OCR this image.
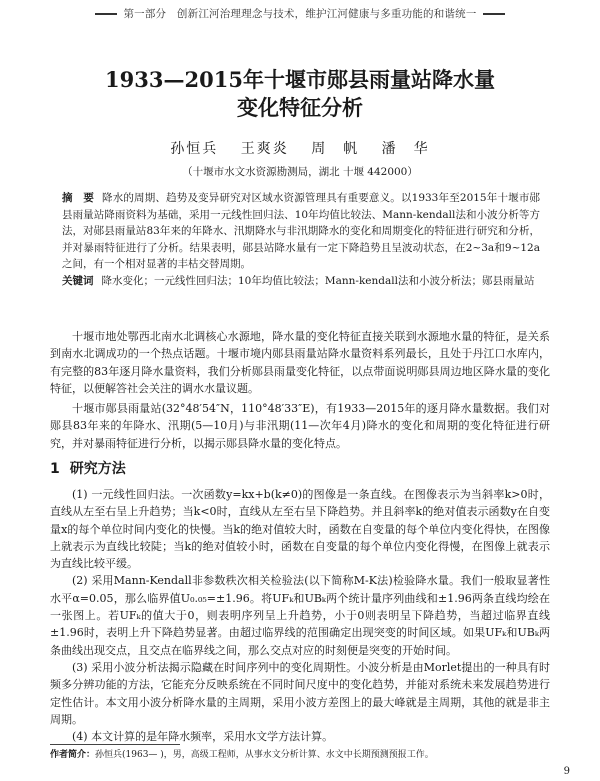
第一部分　创新江河治理理念与技术，维护江河健康与多重功能的和谐统一
1933—2015年十堰市郧县雨量站降水量
变化特征分析
孙恒兵 王爽炎 周　帆 潘　华
（十堰市水文水资源勘测局，湖北 十堰 442000）

摘　要 降水的周期、趋势及变异研究对区域水资源管理具有重要意义。以1933年至2015年十堰市郧县雨量站降雨资料为基础，采用一元线性回归法、10年均值比较法、Mann-kendall法和小波分析等方法，对郧县雨量站83年来的年降水、汛期降水与非汛期降水的变化和周期变化的特征进行研究和分析，并对暴雨特征进行了分析。结果表明，郧县站降水量有一定下降趋势且呈波动状态，在2~3a和9~12a之间，有一个相对显著的丰枯交替周期。

关键词 降水变化；一元线性回归法；10年均值比较法；Mann-kendall法和小波分析法；郧县雨量站

十堰市地处鄂西北南水北调核心水源地，降水量的变化特征直接关联到水源地水量的特征，是关系到南水北调成功的一个热点话题。十堰市境内郧县雨量站降水量资料系列最长，且处于丹江口水库内，有完整的83年逐月降水量资料，我们分析郧县雨量变化特征，以点带面说明郧县周边地区降水量的变化特征，以便解答社会关注的调水水量议题。

十堰市郧县雨量站(32°48′54″N，110°48′33″E)，有1933—2015年的逐月降水量数据。我们对郧县83年来的年降水、汛期(5—10月)与非汛期(11—次年4月)降水的变化和周期的变化特征进行研究，并对暴雨特征进行分析，以揭示郧县降水量的变化特点。

1 研究方法

(1) 一元线性回归法。一次函数y=kx+b(k≠0)的图像是一条直线。在图像表示为当斜率k>0时，直线从左至右呈上升趋势；当k<0时，直线从左至右呈下降趋势。并且斜率k的绝对值表示函数y在自变量x的每个单位时间内变化的快慢。当k的绝对值较大时，函数在自变量的每个单位内变化得快，在图像上就表示为直线比较陡；当k的绝对值较小时，函数在自变量的每个单位内变化得慢，在图像上就表示为直线比较平缓。

(2) 采用Mann-Kendall非参数秩次相关检验法(以下简称M-K法)检验降水量。我们一般取显著性水平α=0.05，那么临界值U₀.₀₅=±1.96。将UFₖ和UBₖ两个统计量序列曲线和±1.96两条直线均绘在一张图上。若UFₖ的值大于0，则表明序列呈上升趋势，小于0则表明呈下降趋势，当超过临界直线±1.96时，表明上升下降趋势显著。由超过临界线的范围确定出现突变的时间区域。如果UFₖ和UBₖ两条曲线出现交点，且交点在临界线之间，那么交点对应的时刻便是突变的开始时间。

(3) 采用小波分析法揭示隐藏在时间序列中的变化周期性。小波分析是由Morlet提出的一种具有时频多分辨功能的方法，它能充分反映系统在不同时间尺度中的变化趋势，并能对系统未来发展趋势进行定性估计。本文用小波分析降水量的主周期，采用小波方差图上的最大峰就是主周期，其他的就是非主周期。

(4) 本文计算的是年降水频率，采用水文学方法计算。

作者简介：孙恒兵(1963— )，男，高级工程师，从事水文分析计算、水文中长期预测预报工作。
9
